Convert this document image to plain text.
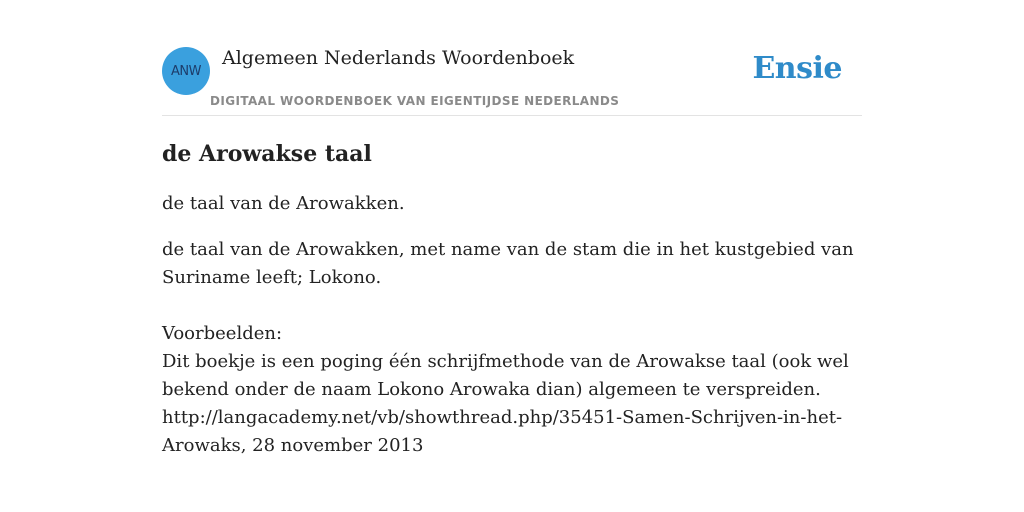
ANW
Algemeen Nederlands Woordenboek
DIGITAAL WOORDENBOEK VAN EIGENTIJDSE NEDERLANDS
Ensie
de Arowakse taal

de taal van de Arowakken.

de taal van de Arowakken, met name van de stam die in het kustgebied van Suriname leeft; Lokono.

Voorbeelden:
Dit boekje is een poging één schrijfmethode van de Arowakse taal (ook wel bekend onder de naam Lokono Arowaka dian) algemeen te verspreiden.
http://langacademy.net/vb/showthread.php/35451-Samen-Schrijven-in-het-Arowaks, 28 november 2013
